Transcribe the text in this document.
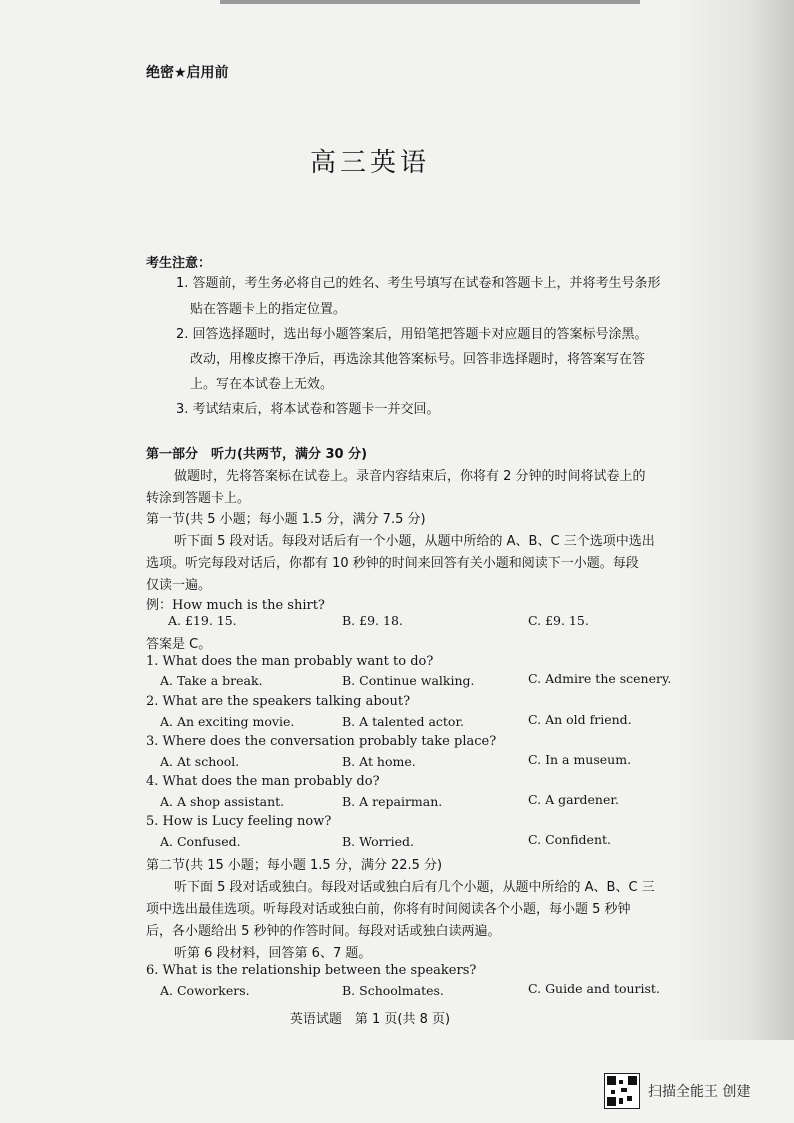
绝密★启用前
高三英语
考生注意：
1. 答题前，考生务必将自己的姓名、考生号填写在试卷和答题卡上，并将考生号条形
贴在答题卡上的指定位置。
2. 回答选择题时，选出每小题答案后，用铅笔把答题卡对应题目的答案标号涂黑。
改动，用橡皮擦干净后，再选涂其他答案标号。回答非选择题时，将答案写在答
上。写在本试卷上无效。
3. 考试结束后，将本试卷和答题卡一并交回。
第一部分　听力(共两节，满分 30 分)
做题时，先将答案标在试卷上。录音内容结束后，你将有 2 分钟的时间将试卷上的
转涂到答题卡上。
第一节(共 5 小题；每小题 1.5 分，满分 7.5 分)
听下面 5 段对话。每段对话后有一个小题，从题中所给的 A、B、C 三个选项中选出
选项。听完每段对话后，你都有 10 秒钟的时间来回答有关小题和阅读下一小题。每段
仅读一遍。
例：How much is the shirt?
A. £19. 15.	B. £9. 18.	C. £9. 15.
答案是 C。
1. What does the man probably want to do?
A. Take a break.	B. Continue walking.	C. Admire the scenery.
2. What are the speakers talking about?
A. An exciting movie.	B. A talented actor.	C. An old friend.
3. Where does the conversation probably take place?
A. At school.	B. At home.	C. In a museum.
4. What does the man probably do?
A. A shop assistant.	B. A repairman.	C. A gardener.
5. How is Lucy feeling now?
A. Confused.	B. Worried.	C. Confident.
第二节(共 15 小题；每小题 1.5 分，满分 22.5 分)
听下面 5 段对话或独白。每段对话或独白后有几个小题，从题中所给的 A、B、C 三
项中选出最佳选项。听每段对话或独白前，你将有时间阅读各个小题，每小题 5 秒钟
后，各小题给出 5 秒钟的作答时间。每段对话或独白读两遍。
听第 6 段材料，回答第 6、7 题。
6. What is the relationship between the speakers?
A. Coworkers.	B. Schoolmates.	C. Guide and tourist.
英语试题　第 1 页(共 8 页)
扫描全能王 创建
